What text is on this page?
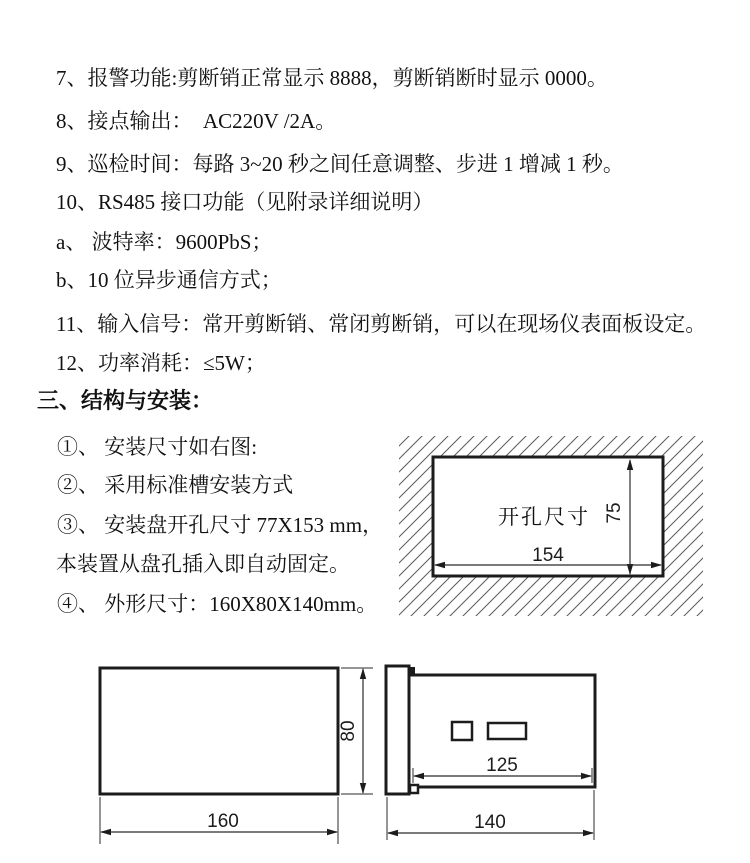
7、报警功能:剪断销正常显示 8888，剪断销断时显示 0000。
8、接点输出：  AC220V /2A。
9、巡检时间：每路 3~20 秒之间任意调整、步进 1 增减 1 秒。
10、RS485 接口功能（见附录详细说明）
a、 波特率：9600PbS；
b、10 位异步通信方式；
11、输入信号：常开剪断销、常闭剪断销，可以在现场仪表面板设定。
12、功率消耗：≤5W；
三、结构与安装：
①、 安装尺寸如右图:
②、 采用标准槽安装方式
③、 安装盘开孔尺寸 77X153 mm，
本装置从盘孔插入即自动固定。
④、 外形尺寸：160X80X140mm。
开孔尺寸 75
154
80
160
125
140
